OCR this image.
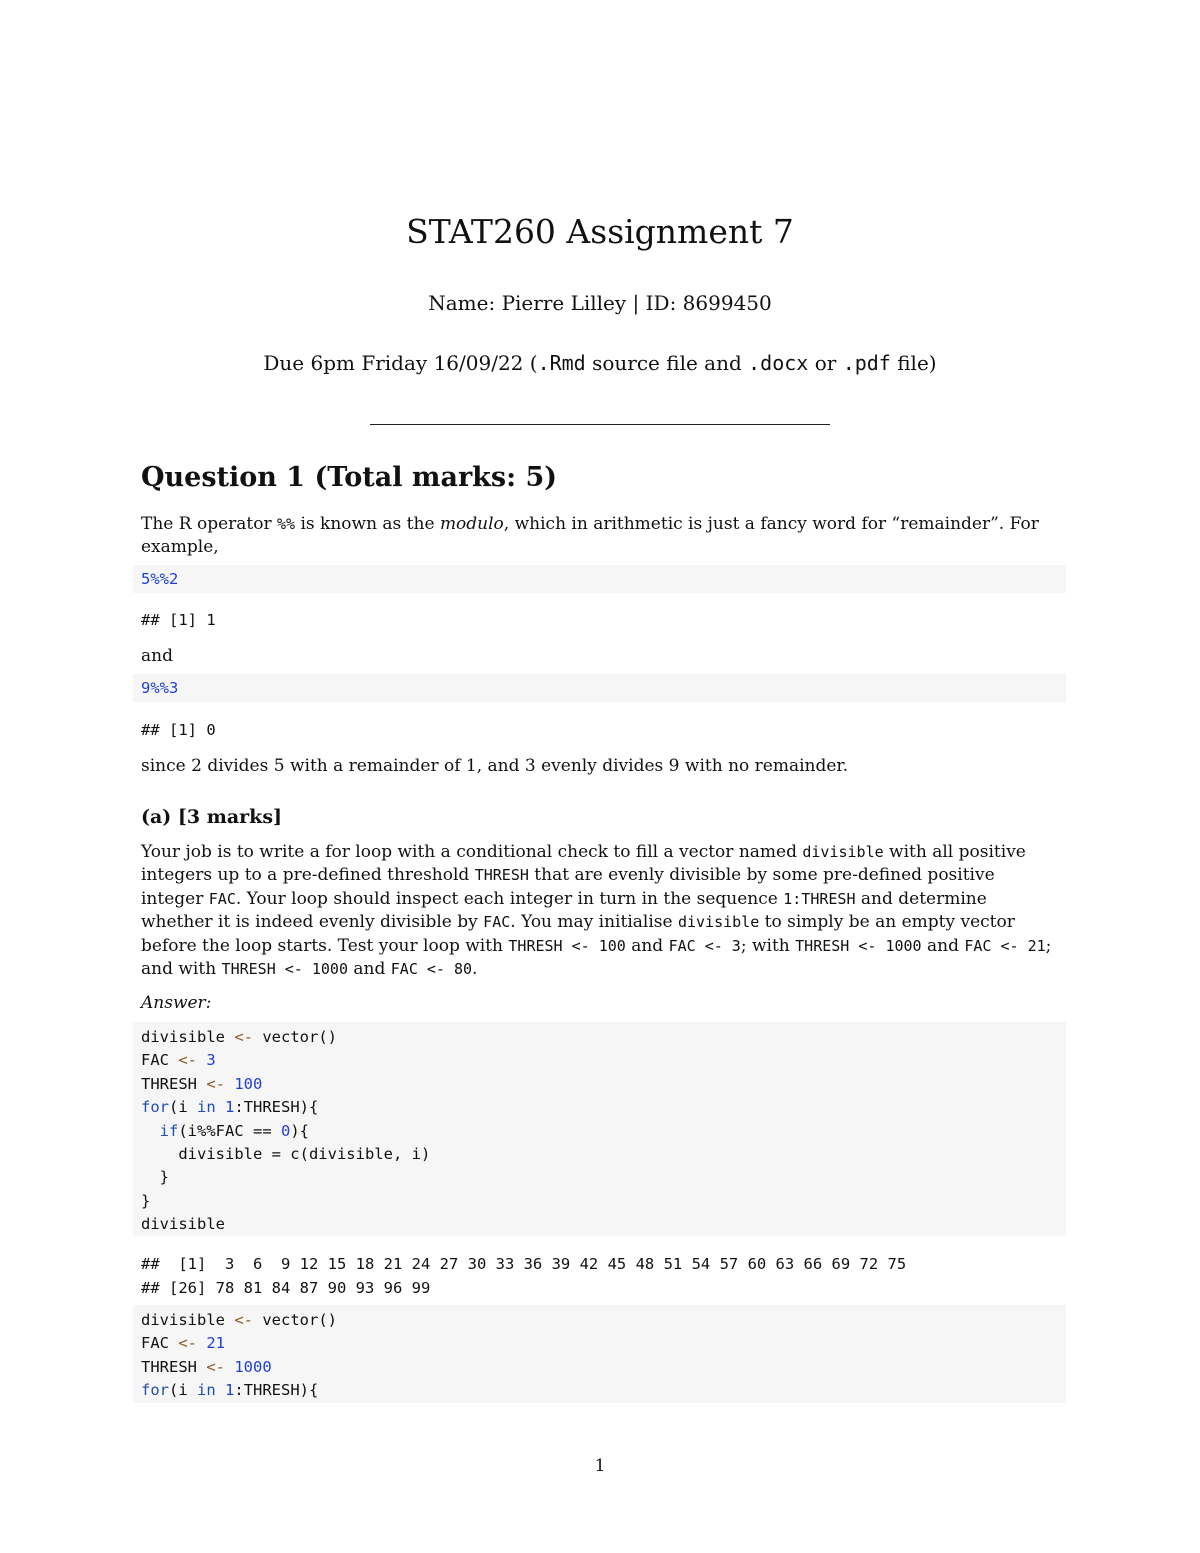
STAT260 Assignment 7
Name: Pierre Lilley | ID: 8699450
Due 6pm Friday 16/09/22 (.Rmd source file and .docx or .pdf file)
Question 1 (Total marks: 5)
The R operator %% is known as the modulo, which in arithmetic is just a fancy word for “remainder”. For example,
5%%2
## [1] 1
and
9%%3
## [1] 0
since 2 divides 5 with a remainder of 1, and 3 evenly divides 9 with no remainder.
(a) [3 marks]
Your job is to write a for loop with a conditional check to fill a vector named divisible with all positive integers up to a pre-defined threshold THRESH that are evenly divisible by some pre-defined positive integer FAC. Your loop should inspect each integer in turn in the sequence 1:THRESH and determine whether it is indeed evenly divisible by FAC. You may initialise divisible to simply be an empty vector before the loop starts. Test your loop with THRESH <- 100 and FAC <- 3; with THRESH <- 1000 and FAC <- 21; and with THRESH <- 1000 and FAC <- 80.
Answer:
divisible <- vector()
FAC <- 3
THRESH <- 100
for(i in 1:THRESH){
if(i%%FAC == 0){
divisible = c(divisible, i)
}
}
divisible
##  [1]  3  6  9 12 15 18 21 24 27 30 33 36 39 42 45 48 51 54 57 60 63 66 69 72 75
## [26] 78 81 84 87 90 93 96 99
divisible <- vector()
FAC <- 21
THRESH <- 1000
for(i in 1:THRESH){
1
